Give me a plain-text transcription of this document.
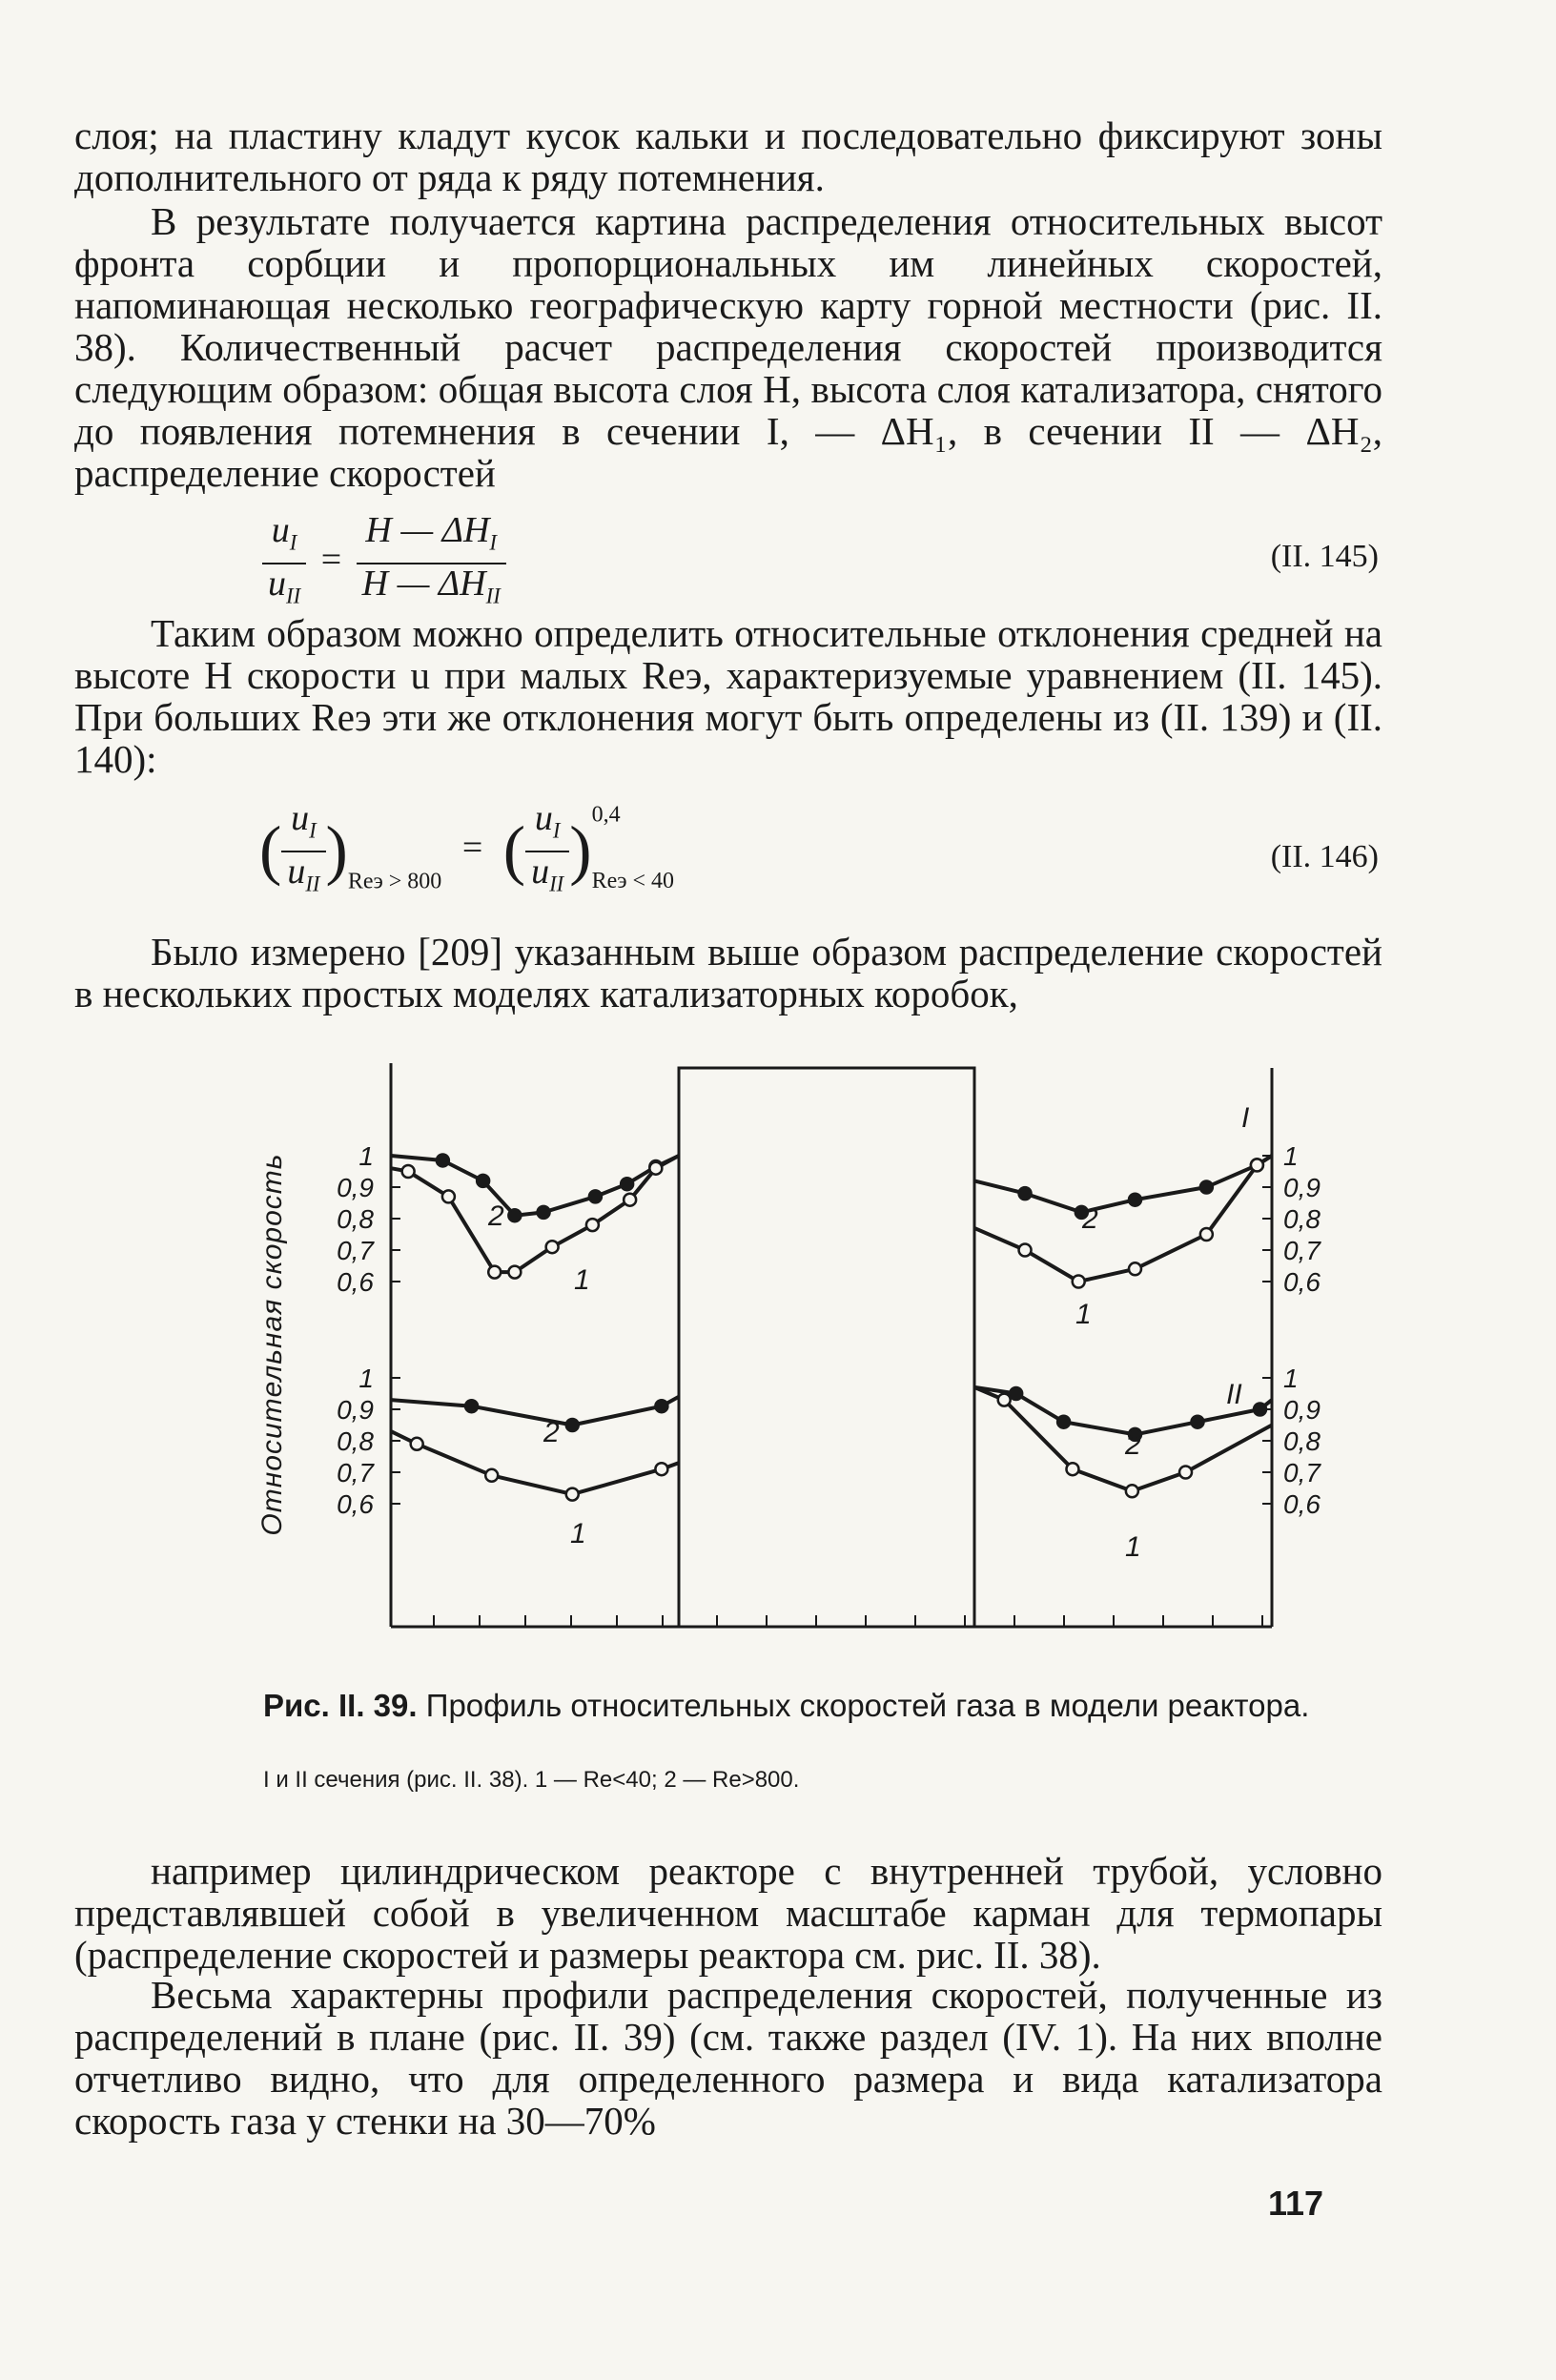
слоя; на пластину кладут кусок кальки и последовательно фиксируют зоны дополнительного от ряда к ряду потемнения.

В результате получается картина распределения относительных высот фронта сорбции и пропорциональных им линейных скоростей, напоминающая несколько географическую карту горной местности (рис. II. 38). Количественный расчет распределения скоростей производится следующим образом: общая высота слоя H, высота слоя катализатора, снятого до появления потемнения в сечении I, — ΔH₁, в сечении II — ΔH₂, распределение скоростей

$\frac{u_I}{u_{II}} = \frac{H — \Delta H_I}{H — \Delta H_{II}}$	(II. 145)

Таким образом можно определить относительные отклонения средней на высоте H скорости u при малых Reэ, характеризуемые уравнением (II. 145). При больших Reэ эти же отклонения могут быть определены из (II. 139) и (II. 140):

( $\frac{u_I}{u_{II}} )_{Reэ > 800}$ = ( $\frac{u_I}{u_{II}} )^{0,4}_{Reэ < 40}$
(II. 146)

Было измерено [209] указанным выше образом распределение скоростей в нескольких простых моделях катализаторных коробок,

1	1
0,9	0,9
0,8	0,8
0,7	0,7
0,6	0,6
1	1
0,9	0,9
0,8	0,8
0,7	0,7
0,6	0,6
Относительная скорость
I
II
2
1
2
1
2
1
2
1

Рис. II. 39. Профиль относительных скоростей газа в модели реактора.

I и II сечения (рис. II. 38). 1 — Re<40; 2 — Re>800.

например цилиндрическом реакторе с внутренней трубой, условно представлявшей собой в увеличенном масштабе карман для термопары (распределение скоростей и размеры реактора см. рис. II. 38).

Весьма характерны профили распределения скоростей, полученные из распределений в плане (рис. II. 39) (см. также раздел (IV. 1). На них вполне отчетливо видно, что для определенного размера и вида катализатора скорость газа у стенки на 30—70%

117
